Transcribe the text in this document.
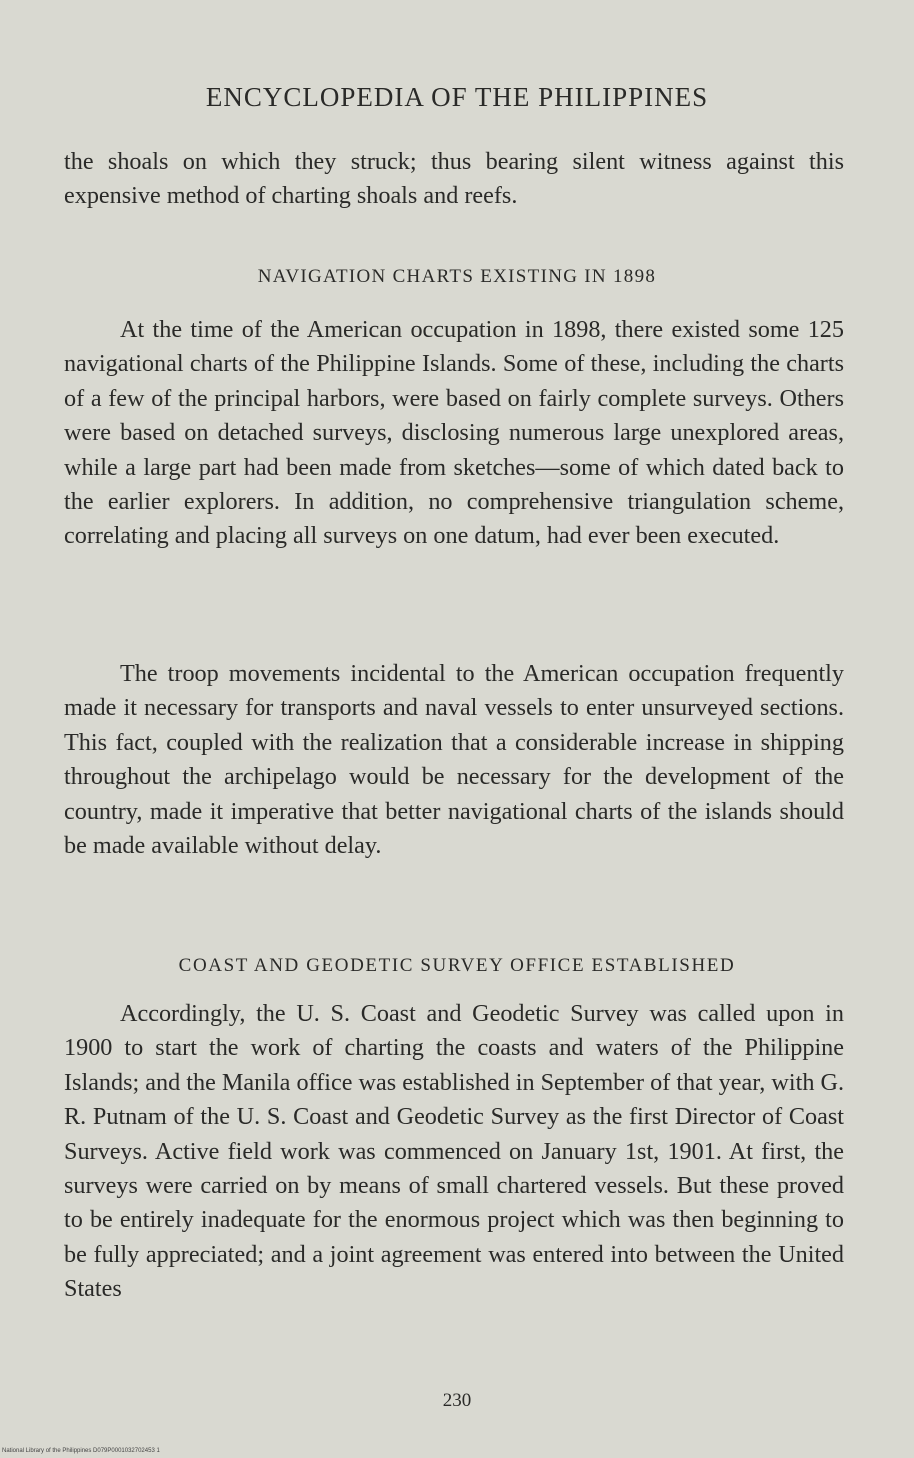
ENCYCLOPEDIA OF THE PHILIPPINES

the shoals on which they struck; thus bearing silent witness against this expensive method of charting shoals and reefs.

NAVIGATION CHARTS EXISTING IN 1898

At the time of the American occupation in 1898, there existed some 125 navigational charts of the Philippine Islands. Some of these, including the charts of a few of the principal harbors, were based on fairly complete surveys. Others were based on detached surveys, disclosing numerous large unexplored areas, while a large part had been made from sketches—some of which dated back to the earlier explorers. In addition, no comprehensive triangulation scheme, correlating and placing all surveys on one datum, had ever been executed.

The troop movements incidental to the American occupation frequently made it necessary for transports and naval vessels to enter unsurveyed sections. This fact, coupled with the realization that a considerable increase in shipping throughout the archipelago would be necessary for the development of the country, made it imperative that better navigational charts of the islands should be made available without delay.

COAST AND GEODETIC SURVEY OFFICE ESTABLISHED

Accordingly, the U. S. Coast and Geodetic Survey was called upon in 1900 to start the work of charting the coasts and waters of the Philippine Islands; and the Manila office was established in September of that year, with G. R. Putnam of the U. S. Coast and Geodetic Survey as the first Director of Coast Surveys. Active field work was commenced on January 1st, 1901. At first, the surveys were carried on by means of small chartered vessels. But these proved to be entirely inadequate for the enormous project which was then beginning to be fully appreciated; and a joint agreement was entered into between the United States

230
National Library of the Philippines D079P0001032702453 1
